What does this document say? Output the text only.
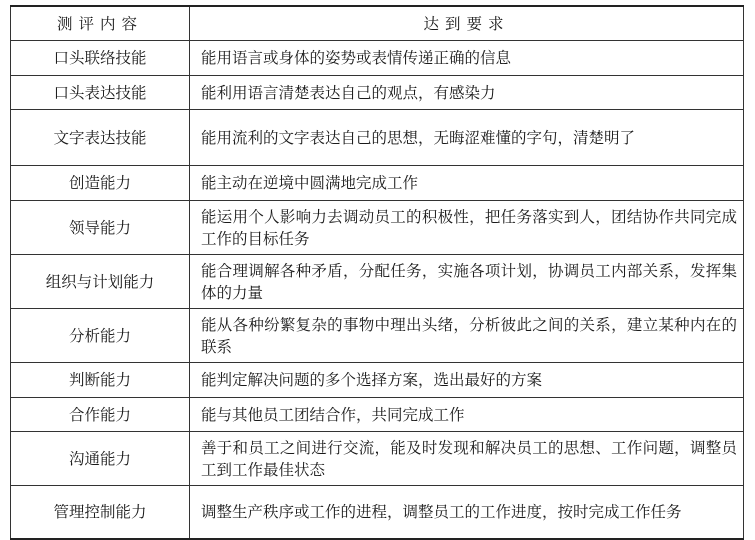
测评内容	达到要求
口头联络技能	能用语言或身体的姿势或表情传递正确的信息
口头表达技能	能利用语言清楚表达自己的观点，有感染力
文字表达技能	能用流利的文字表达自己的思想，无晦涩难懂的字句，清楚明了
创造能力	能主动在逆境中圆满地完成工作
领导能力	能运用个人影响力去调动员工的积极性，把任务落实到人，团结协作共同完成工作的目标任务
组织与计划能力	能合理调解各种矛盾，分配任务，实施各项计划，协调员工内部关系，发挥集体的力量
分析能力	能从各种纷繁复杂的事物中理出头绪，分析彼此之间的关系，建立某种内在的联系
判断能力	能判定解决问题的多个选择方案，选出最好的方案
合作能力	能与其他员工团结合作，共同完成工作
沟通能力	善于和员工之间进行交流，能及时发现和解决员工的思想、工作问题，调整员工到工作最佳状态
管理控制能力	调整生产秩序或工作的进程，调整员工的工作进度，按时完成工作任务
